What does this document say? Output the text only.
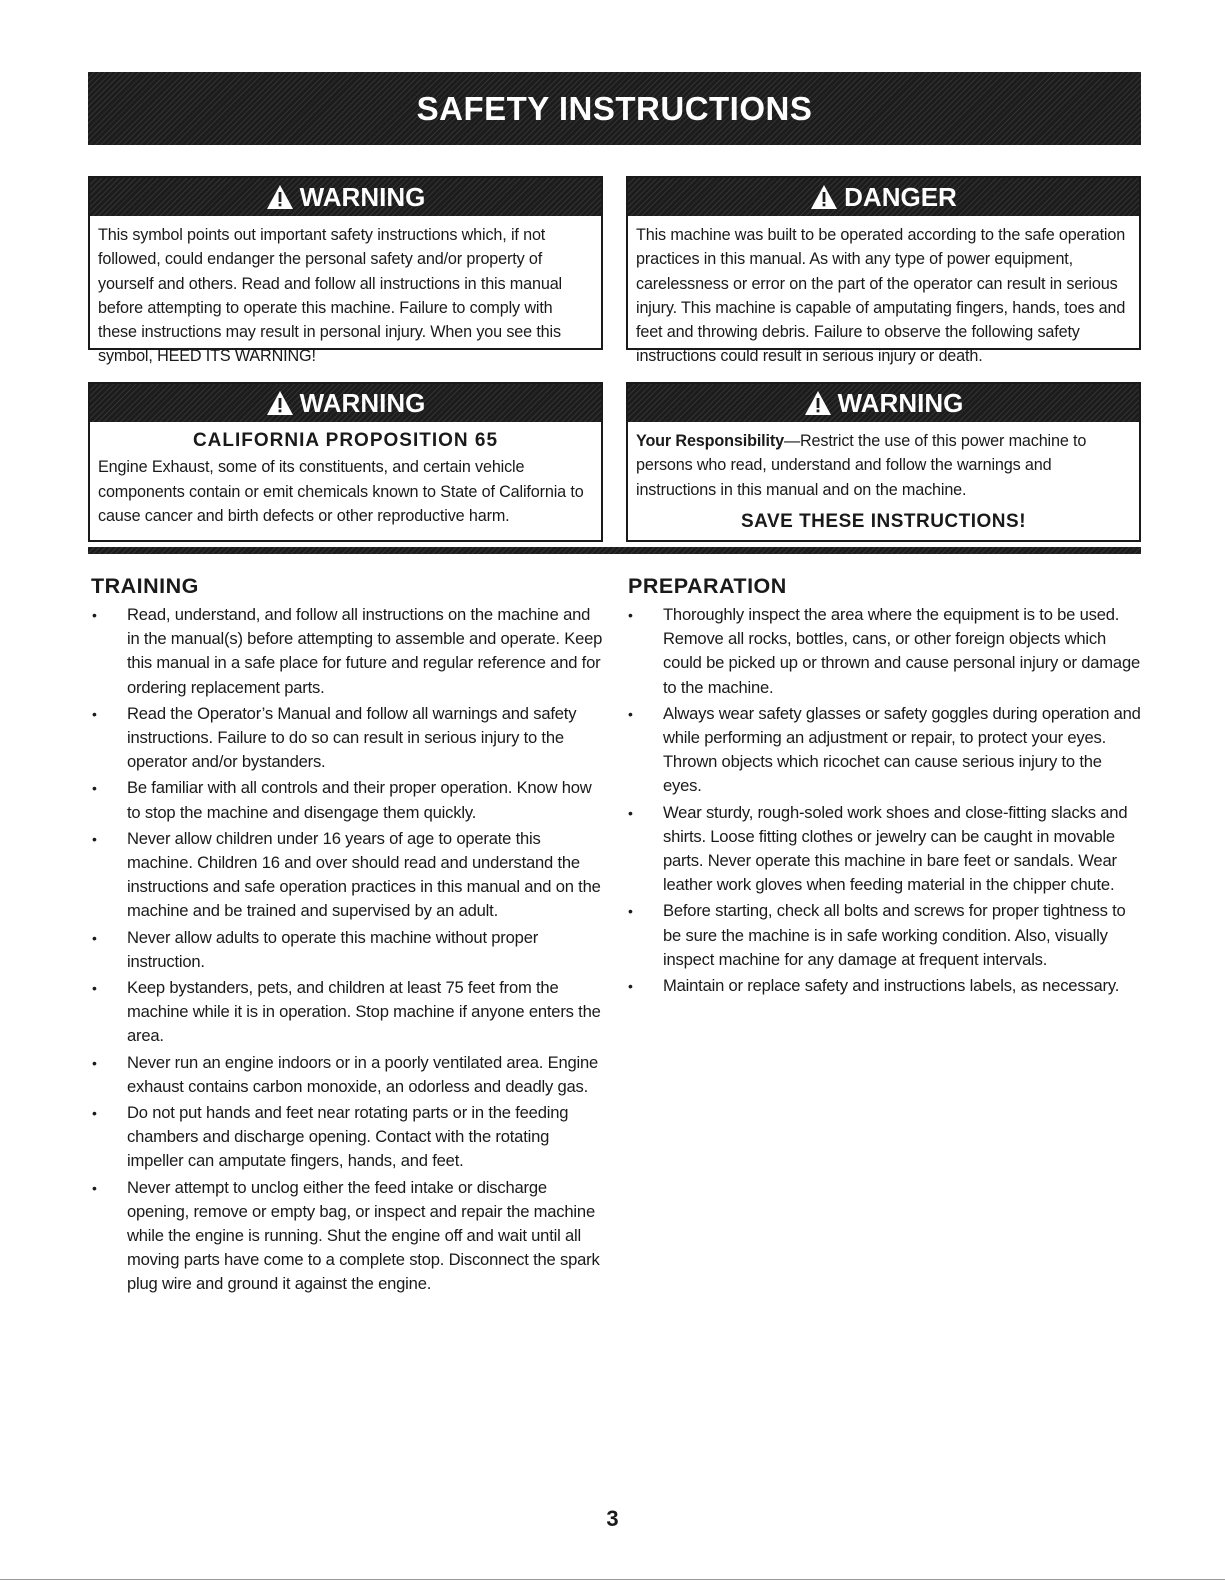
SAFETY INSTRUCTIONS
WARNING
This symbol points out important safety instructions which, if not followed, could endanger the personal safety and/or property of yourself and others. Read and follow all instructions in this manual before attempting to operate this machine. Failure to comply with these instructions may result in personal injury. When you see this symbol, HEED ITS WARNING!
DANGER
This machine was built to be operated according to the safe operation practices in this manual. As with any type of power equipment, carelessness or error on the part of the operator can result in serious injury. This machine is capable of amputating fingers, hands, toes and feet and throwing debris. Failure to observe the following safety instructions could result in serious injury or death.
WARNING
CALIFORNIA PROPOSITION 65
Engine Exhaust, some of its constituents, and certain vehicle components contain or emit chemicals known to State of California to cause cancer and birth defects or other reproductive harm.
WARNING
Your Responsibility—Restrict the use of this power machine to persons who read, understand and follow the warnings and instructions in this manual and on the machine.
SAVE THESE INSTRUCTIONS!
TRAINING
• Read, understand, and follow all instructions on the machine and in the manual(s) before attempting to assemble and operate. Keep this manual in a safe place for future and regular reference and for ordering replacement parts.
• Read the Operator’s Manual and follow all warnings and safety instructions. Failure to do so can result in serious injury to the operator and/or bystanders.
• Be familiar with all controls and their proper operation. Know how to stop the machine and disengage them quickly.
• Never allow children under 16 years of age to operate this machine. Children 16 and over should read and understand the instructions and safe operation practices in this manual and on the machine and be trained and supervised by an adult.
• Never allow adults to operate this machine without proper instruction.
• Keep bystanders, pets, and children at least 75 feet from the machine while it is in operation. Stop machine if anyone enters the area.
• Never run an engine indoors or in a poorly ventilated area. Engine exhaust contains carbon monoxide, an odorless and deadly gas.
• Do not put hands and feet near rotating parts or in the feeding chambers and discharge opening. Contact with the rotating impeller can amputate fingers, hands, and feet.
• Never attempt to unclog either the feed intake or discharge opening, remove or empty bag, or inspect and repair the machine while the engine is running. Shut the engine off and wait until all moving parts have come to a complete stop. Disconnect the spark plug wire and ground it against the engine.
PREPARATION
• Thoroughly inspect the area where the equipment is to be used. Remove all rocks, bottles, cans, or other foreign objects which could be picked up or thrown and cause personal injury or damage to the machine.
• Always wear safety glasses or safety goggles during operation and while performing an adjustment or repair, to protect your eyes. Thrown objects which ricochet can cause serious injury to the eyes.
• Wear sturdy, rough-soled work shoes and close-fitting slacks and shirts. Loose fitting clothes or jewelry can be caught in movable parts. Never operate this machine in bare feet or sandals. Wear leather work gloves when feeding material in the chipper chute.
• Before starting, check all bolts and screws for proper tightness to be sure the machine is in safe working condition. Also, visually inspect machine for any damage at frequent intervals.
• Maintain or replace safety and instructions labels, as necessary.
3
